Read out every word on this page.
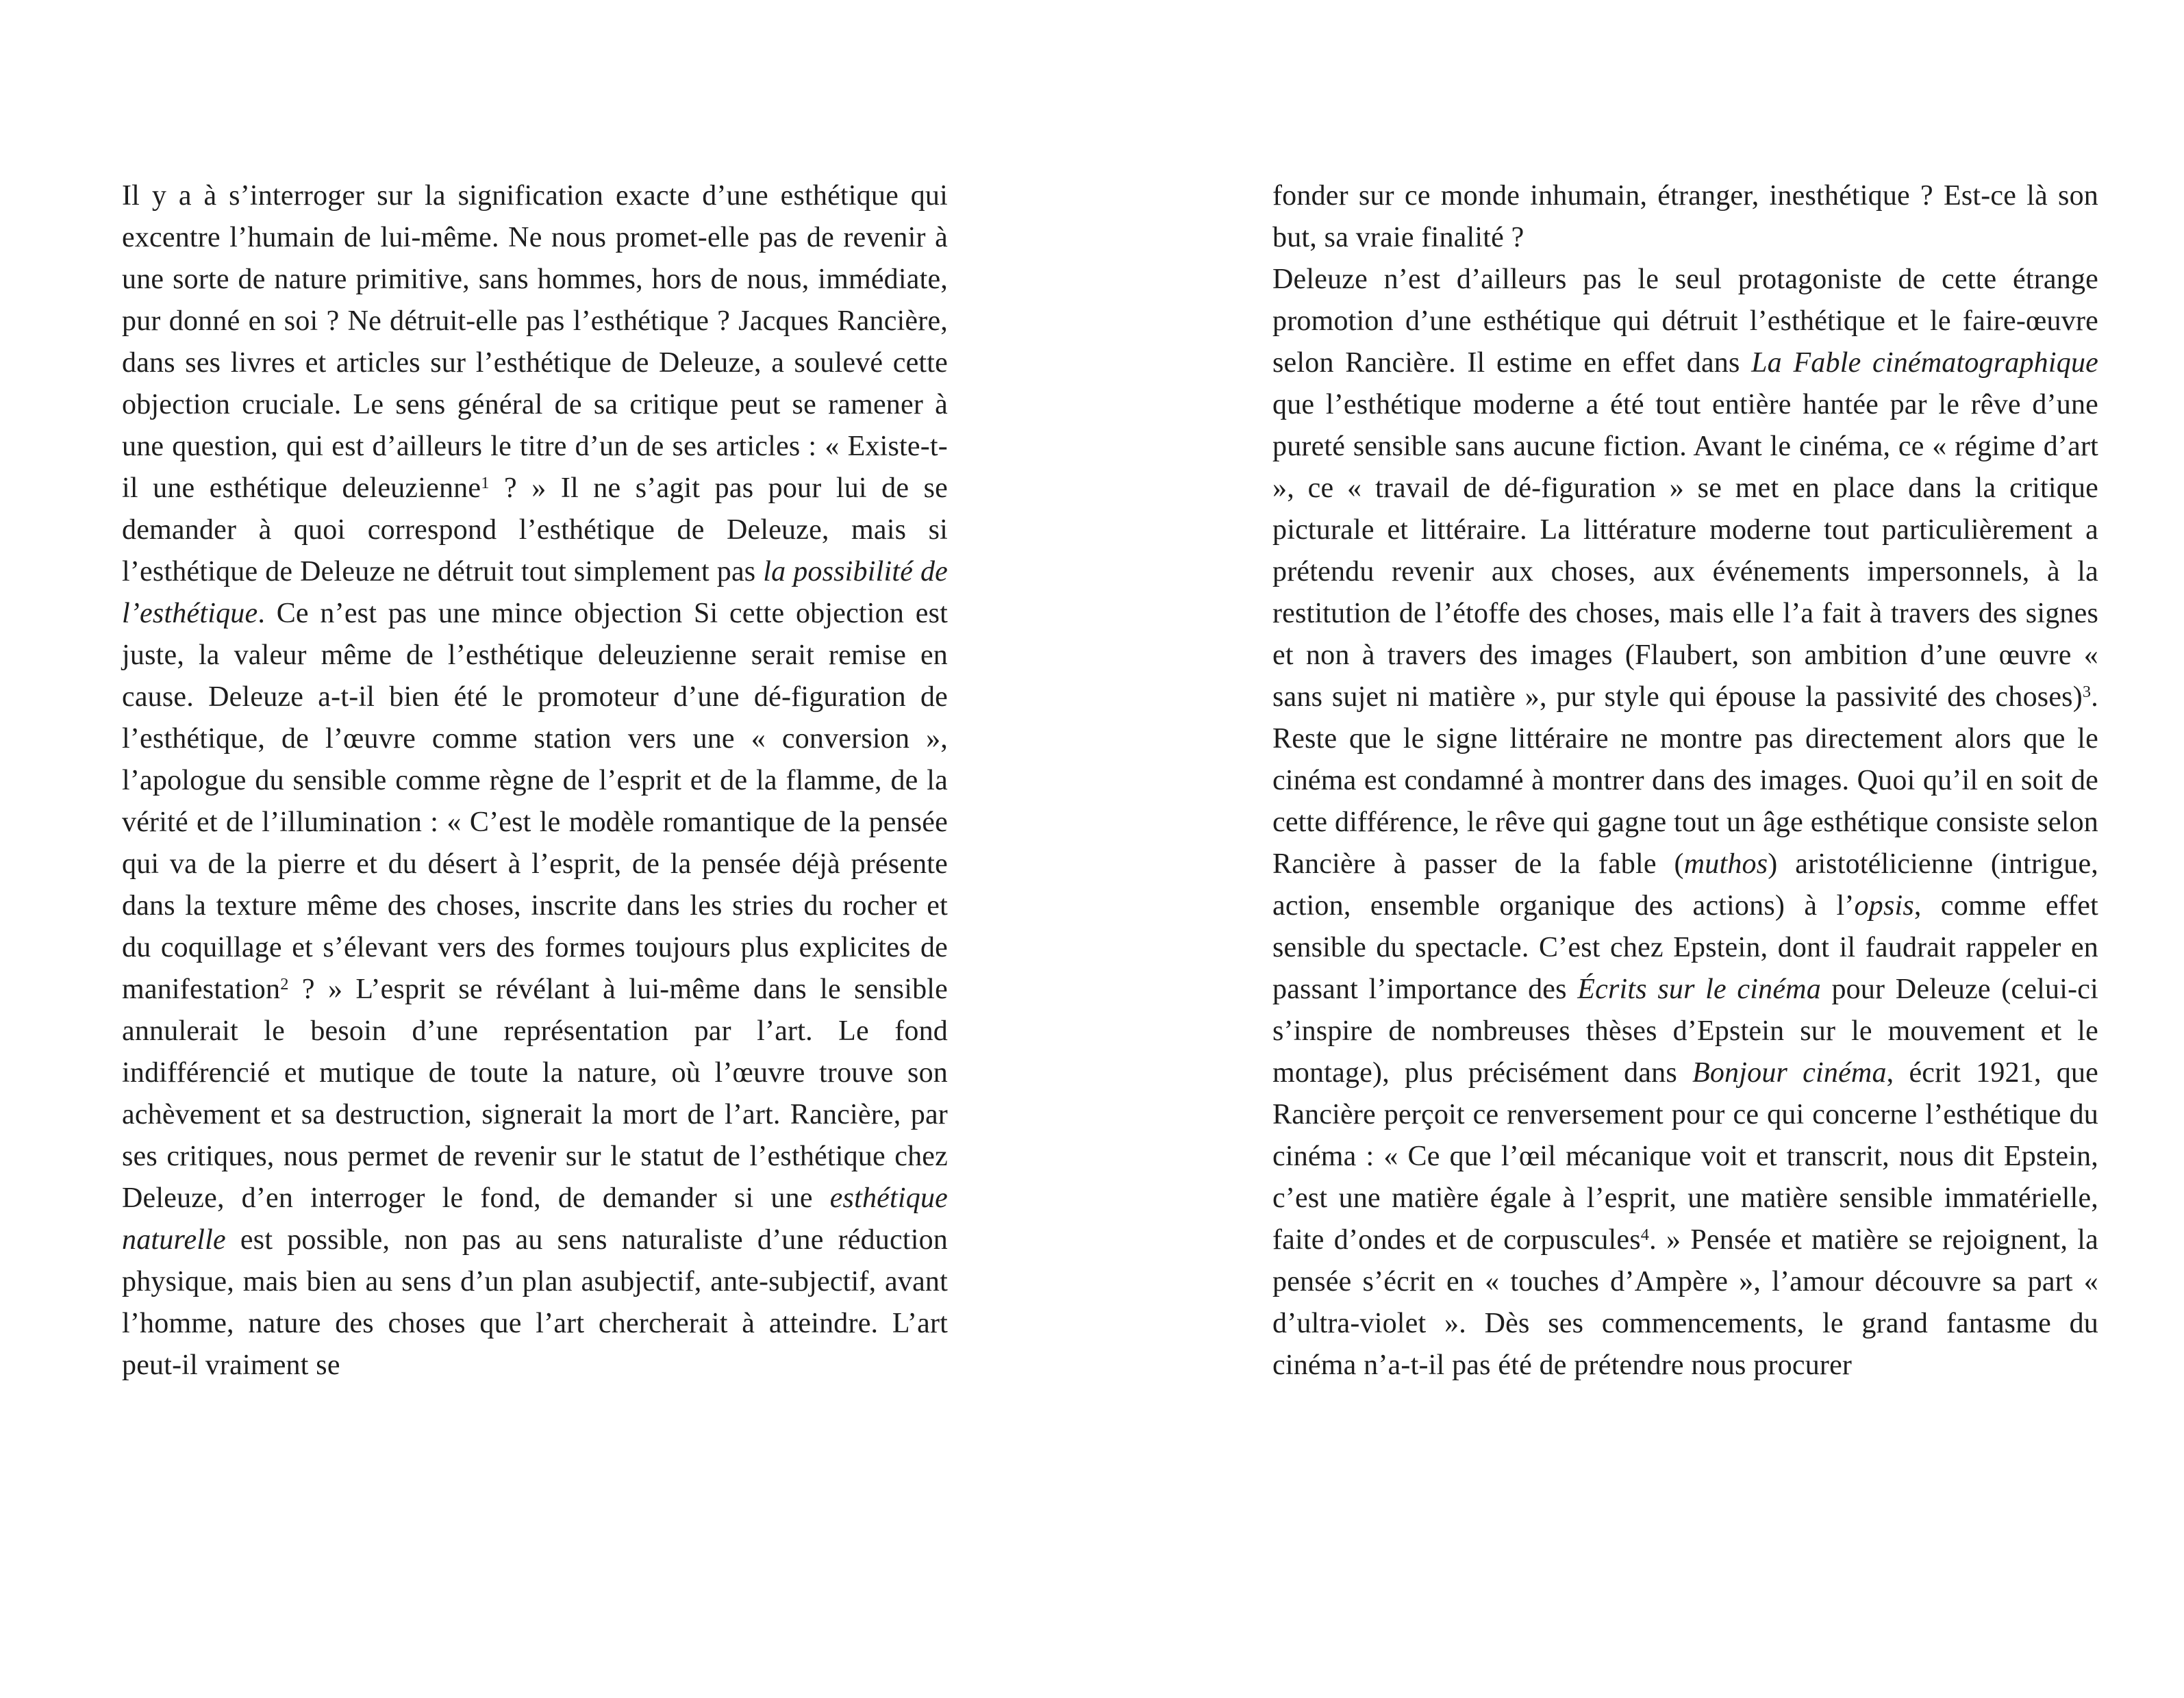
Il y a à s’interroger sur la signification exacte d’une esthétique qui excentre l’humain de lui-même. Ne nous promet-elle pas de revenir à une sorte de nature primitive, sans hommes, hors de nous, immédiate, pur donné en soi ? Ne détruit-elle pas l’esthétique ? Jacques Rancière, dans ses livres et articles sur l’esthétique de Deleuze, a soulevé cette objection cruciale. Le sens général de sa critique peut se ramener à une question, qui est d’ailleurs le titre d’un de ses articles : « Existe-t-il une esthétique deleuzienne$^1$ ? » Il ne s’agit pas pour lui de se demander à quoi correspond l’esthétique de Deleuze, mais si l’esthétique de Deleuze ne détruit tout simplement pas la possibilité de l’esthétique. Ce n’est pas une mince objection Si cette objection est juste, la valeur même de l’esthétique deleuzienne serait remise en cause. Deleuze a-t-il bien été le promoteur d’une dé-figuration de l’esthétique, de l’œuvre comme station vers une « conversion », l’apologue du sensible comme règne de l’esprit et de la flamme, de la vérité et de l’illumination : « C’est le modèle romantique de la pensée qui va de la pierre et du désert à l’esprit, de la pensée déjà présente dans la texture même des choses, inscrite dans les stries du rocher et du coquillage et s’élevant vers des formes toujours plus explicites de manifestation$^2$ ? » L’esprit se révélant à lui-même dans le sensible annulerait le besoin d’une représentation par l’art. Le fond indifférencié et mutique de toute la nature, où l’œuvre trouve son achèvement et sa destruction, signerait la mort de l’art. Rancière, par ses critiques, nous permet de revenir sur le statut de l’esthétique chez Deleuze, d’en interroger le fond, de demander si une esthétique naturelle est possible, non pas au sens naturaliste d’une réduction physique, mais bien au sens d’un plan asubjectif, ante-subjectif, avant l’homme, nature des choses que l’art chercherait à atteindre. L’art peut-il vraiment se

fonder sur ce monde inhumain, étranger, inesthétique ? Est-ce là son but, sa vraie finalité ?

Deleuze n’est d’ailleurs pas le seul protagoniste de cette étrange promotion d’une esthétique qui détruit l’esthétique et le faire-œuvre selon Rancière. Il estime en effet dans La Fable cinématographique que l’esthétique moderne a été tout entière hantée par le rêve d’une pureté sensible sans aucune fiction. Avant le cinéma, ce « régime d’art », ce « travail de dé-figuration » se met en place dans la critique picturale et littéraire. La littérature moderne tout particulièrement a prétendu revenir aux choses, aux événements impersonnels, à la restitution de l’étoffe des choses, mais elle l’a fait à travers des signes et non à travers des images (Flaubert, son ambition d’une œuvre « sans sujet ni matière », pur style qui épouse la passivité des choses)$^3$. Reste que le signe littéraire ne montre pas directement alors que le cinéma est condamné à montrer dans des images. Quoi qu’il en soit de cette différence, le rêve qui gagne tout un âge esthétique consiste selon Rancière à passer de la fable (muthos) aristotélicienne (intrigue, action, ensemble organique des actions) à l’opsis, comme effet sensible du spectacle. C’est chez Epstein, dont il faudrait rappeler en passant l’importance des Écrits sur le cinéma pour Deleuze (celui-ci s’inspire de nombreuses thèses d’Epstein sur le mouvement et le montage), plus précisément dans Bonjour cinéma, écrit 1921, que Rancière perçoit ce renversement pour ce qui concerne l’esthétique du cinéma : « Ce que l’œil mécanique voit et transcrit, nous dit Epstein, c’est une matière égale à l’esprit, une matière sensible immatérielle, faite d’ondes et de corpuscules$^4$. » Pensée et matière se rejoignent, la pensée s’écrit en « touches d’Ampère », l’amour découvre sa part « d’ultra-violet ». Dès ses commencements, le grand fantasme du cinéma n’a-t-il pas été de prétendre nous procurer
